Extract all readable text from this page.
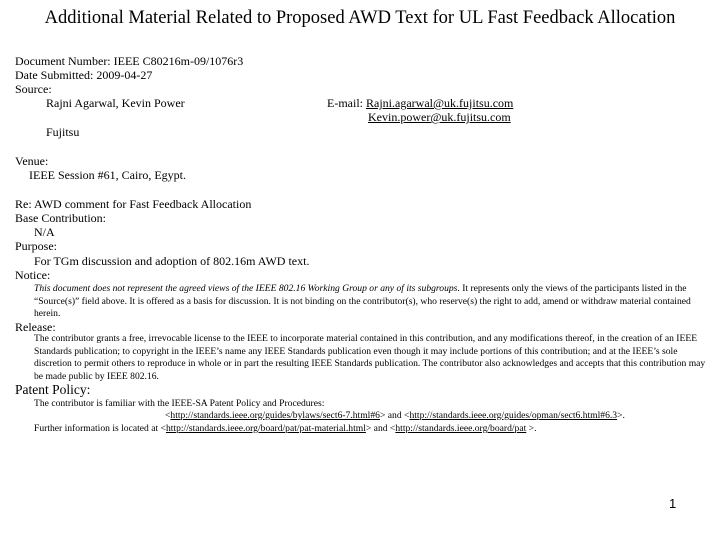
Additional Material Related to Proposed AWD Text for UL Fast Feedback Allocation
Document Number: IEEE C80216m-09/1076r3
Date Submitted: 2009-04-27
Source:
Rajni Agarwal, Kevin Power	E-mail: Rajni.agarwal@uk.fujitsu.com
Kevin.power@uk.fujitsu.com
Fujitsu
Venue:
IEEE Session #61, Cairo, Egypt.
Re: AWD comment for Fast Feedback Allocation
Base Contribution:
N/A
Purpose:
For TGm discussion and adoption of 802.16m AWD text.
Notice:
This document does not represent the agreed views of the IEEE 802.16 Working Group or any of its subgroups. It represents only the views of the participants listed in the “Source(s)” field above. It is offered as a basis for discussion. It is not binding on the contributor(s), who reserve(s) the right to add, amend or withdraw material contained herein.
Release:
The contributor grants a free, irrevocable license to the IEEE to incorporate material contained in this contribution, and any modifications thereof, in the creation of an IEEE Standards publication; to copyright in the IEEE’s name any IEEE Standards publication even though it may include portions of this contribution; and at the IEEE’s sole discretion to permit others to reproduce in whole or in part the resulting IEEE Standards publication. The contributor also acknowledges and accepts that this contribution may be made public by IEEE 802.16.
Patent Policy:
The contributor is familiar with the IEEE-SA Patent Policy and Procedures:
<http://standards.ieee.org/guides/bylaws/sect6-7.html#6> and <http://standards.ieee.org/guides/opman/sect6.html#6.3>.
Further information is located at <http://standards.ieee.org/board/pat/pat-material.html> and <http://standards.ieee.org/board/pat >.
1
